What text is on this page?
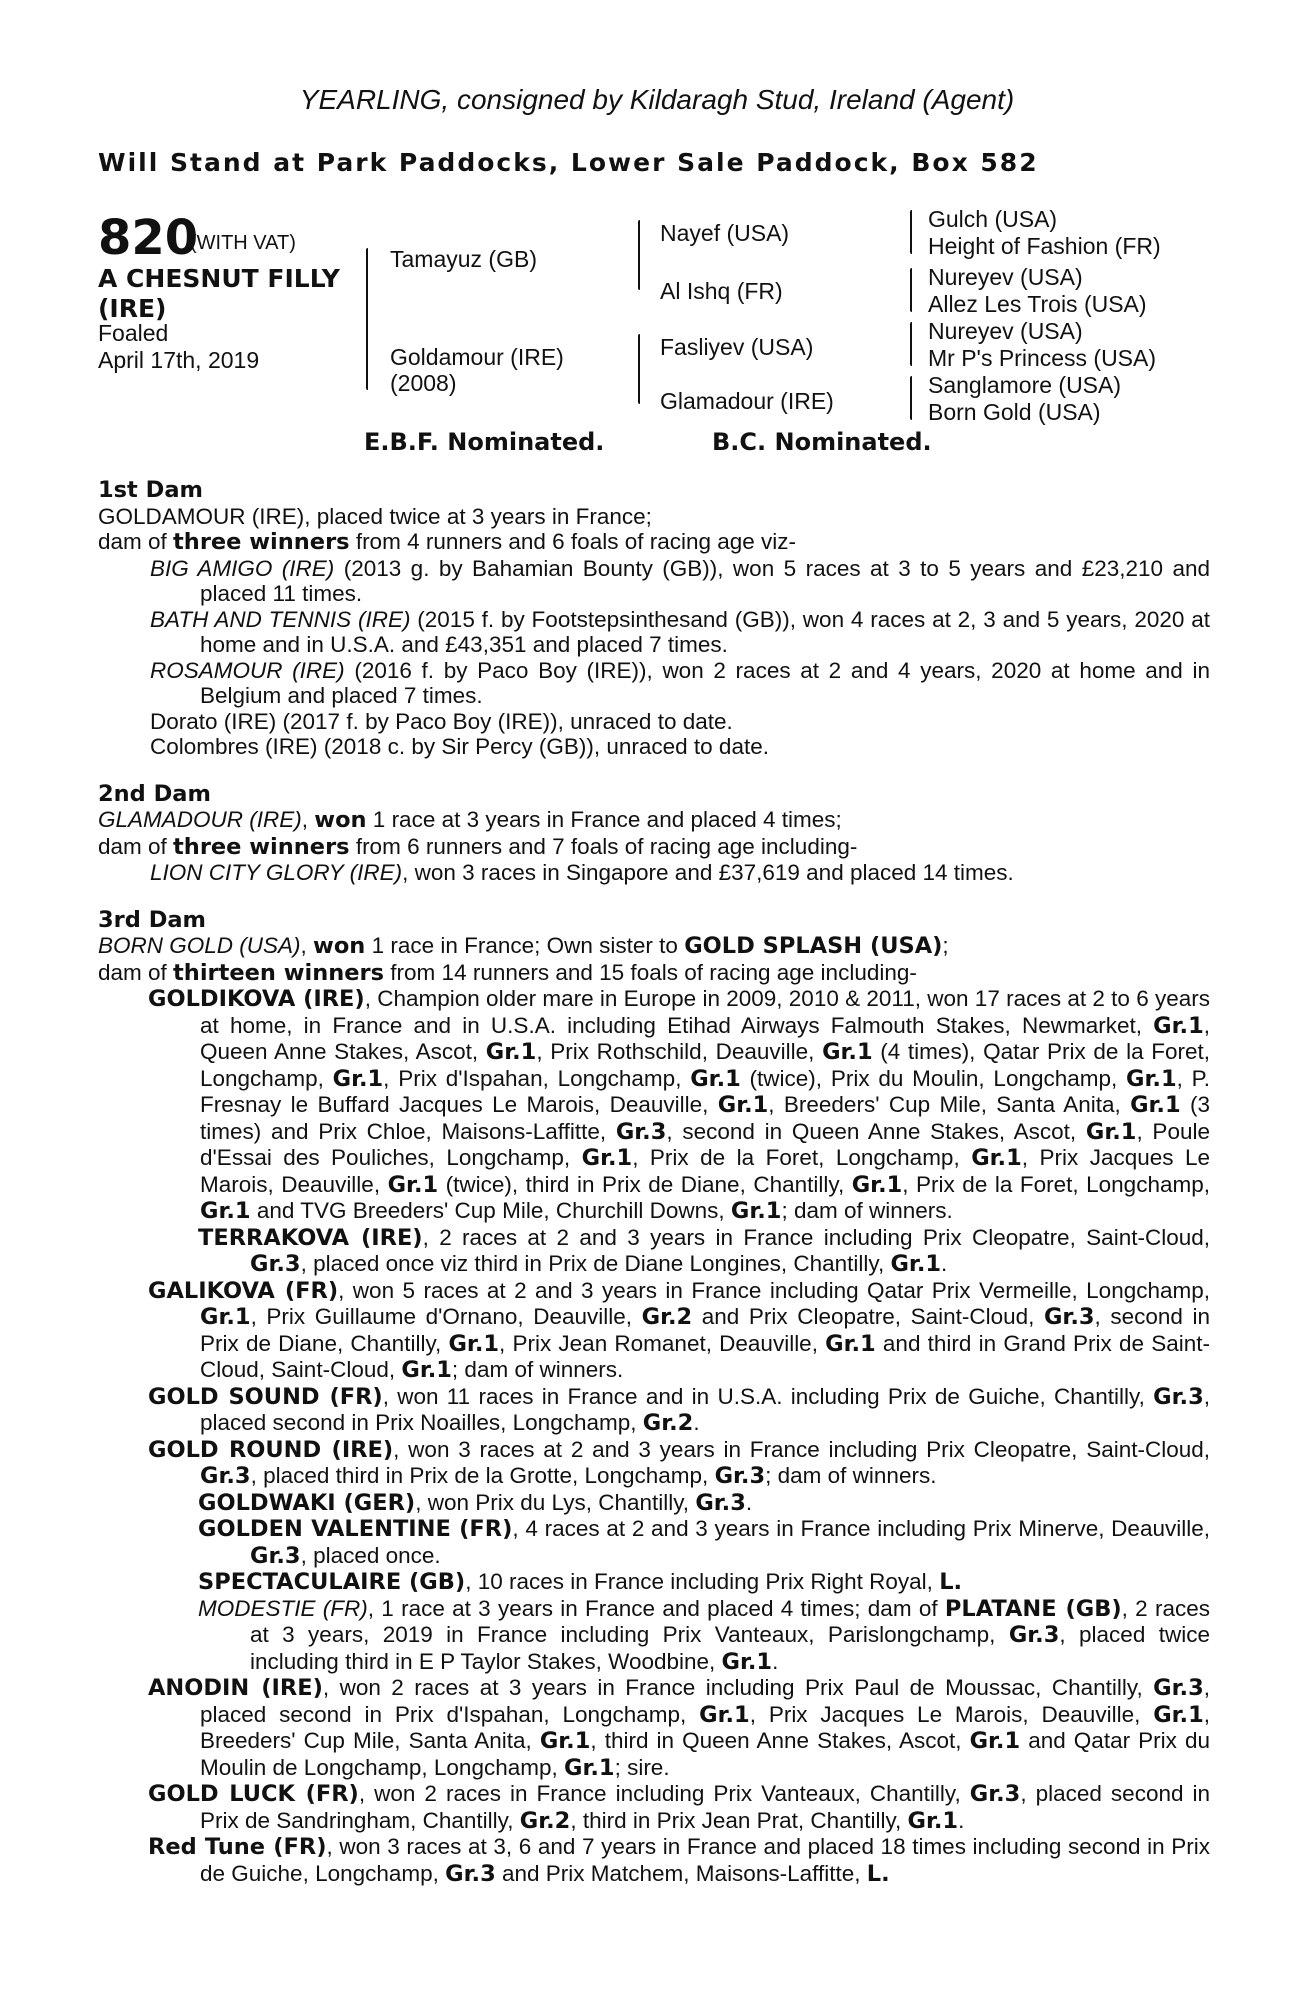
YEARLING, consigned by Kildaragh Stud, Ireland (Agent)
Will Stand at Park Paddocks, Lower Sale Paddock, Box 582
820
(WITH VAT)
A CHESNUT FILLY
(IRE)
Foaled
April 17th, 2019
Tamayuz (GB)
Goldamour (IRE)
(2008)
Nayef (USA)
Al Ishq (FR)
Fasliyev (USA)
Glamadour (IRE)
Gulch (USA)
Height of Fashion (FR)
Nureyev (USA)
Allez Les Trois (USA)
Nureyev (USA)
Mr P's Princess (USA)
Sanglamore (USA)
Born Gold (USA)
E.B.F. Nominated.	B.C. Nominated.

1st Dam

GOLDAMOUR (IRE), placed twice at 3 years in France;

dam of three winners from 4 runners and 6 foals of racing age viz-

BIG AMIGO (IRE) (2013 g. by Bahamian Bounty (GB)), won 5 races at 3 to 5 years and £23,210 and placed 11 times.

BATH AND TENNIS (IRE) (2015 f. by Footstepsinthesand (GB)), won 4 races at 2, 3 and 5 years, 2020 at home and in U.S.A. and £43,351 and placed 7 times.

ROSAMOUR (IRE) (2016 f. by Paco Boy (IRE)), won 2 races at 2 and 4 years, 2020 at home and in Belgium and placed 7 times.

Dorato (IRE) (2017 f. by Paco Boy (IRE)), unraced to date.

Colombres (IRE) (2018 c. by Sir Percy (GB)), unraced to date.

2nd Dam

GLAMADOUR (IRE), won 1 race at 3 years in France and placed 4 times;

dam of three winners from 6 runners and 7 foals of racing age including-

LION CITY GLORY (IRE), won 3 races in Singapore and £37,619 and placed 14 times.

3rd Dam

BORN GOLD (USA), won 1 race in France; Own sister to GOLD SPLASH (USA);

dam of thirteen winners from 14 runners and 15 foals of racing age including-

GOLDIKOVA (IRE), Champion older mare in Europe in 2009, 2010 & 2011, won 17 races at 2 to 6 years at home, in France and in U.S.A. including Etihad Airways Falmouth Stakes, Newmarket, Gr.1, Queen Anne Stakes, Ascot, Gr.1, Prix Rothschild, Deauville, Gr.1 (4 times), Qatar Prix de la Foret, Longchamp, Gr.1, Prix d'Ispahan, Longchamp, Gr.1 (twice), Prix du Moulin, Longchamp, Gr.1, P. Fresnay le Buffard Jacques Le Marois, Deauville, Gr.1, Breeders' Cup Mile, Santa Anita, Gr.1 (3 times) and Prix Chloe, Maisons-Laffitte, Gr.3, second in Queen Anne Stakes, Ascot, Gr.1, Poule d'Essai des Pouliches, Longchamp, Gr.1, Prix de la Foret, Longchamp, Gr.1, Prix Jacques Le Marois, Deauville, Gr.1 (twice), third in Prix de Diane, Chantilly, Gr.1, Prix de la Foret, Longchamp, Gr.1 and TVG Breeders' Cup Mile, Churchill Downs, Gr.1; dam of winners.

TERRAKOVA (IRE), 2 races at 2 and 3 years in France including Prix Cleopatre, Saint-Cloud, Gr.3, placed once viz third in Prix de Diane Longines, Chantilly, Gr.1.

GALIKOVA (FR), won 5 races at 2 and 3 years in France including Qatar Prix Vermeille, Longchamp, Gr.1, Prix Guillaume d'Ornano, Deauville, Gr.2 and Prix Cleopatre, Saint-Cloud, Gr.3, second in Prix de Diane, Chantilly, Gr.1, Prix Jean Romanet, Deauville, Gr.1 and third in Grand Prix de Saint-Cloud, Saint-Cloud, Gr.1; dam of winners.

GOLD SOUND (FR), won 11 races in France and in U.S.A. including Prix de Guiche, Chantilly, Gr.3, placed second in Prix Noailles, Longchamp, Gr.2.

GOLD ROUND (IRE), won 3 races at 2 and 3 years in France including Prix Cleopatre, Saint-Cloud, Gr.3, placed third in Prix de la Grotte, Longchamp, Gr.3; dam of winners.

GOLDWAKI (GER), won Prix du Lys, Chantilly, Gr.3.

GOLDEN VALENTINE (FR), 4 races at 2 and 3 years in France including Prix Minerve, Deauville, Gr.3, placed once.

SPECTACULAIRE (GB), 10 races in France including Prix Right Royal, L.

MODESTIE (FR), 1 race at 3 years in France and placed 4 times; dam of PLATANE (GB), 2 races at 3 years, 2019 in France including Prix Vanteaux, Parislongchamp, Gr.3, placed twice including third in E P Taylor Stakes, Woodbine, Gr.1.

ANODIN (IRE), won 2 races at 3 years in France including Prix Paul de Moussac, Chantilly, Gr.3, placed second in Prix d'Ispahan, Longchamp, Gr.1, Prix Jacques Le Marois, Deauville, Gr.1, Breeders' Cup Mile, Santa Anita, Gr.1, third in Queen Anne Stakes, Ascot, Gr.1 and Qatar Prix du Moulin de Longchamp, Longchamp, Gr.1; sire.

GOLD LUCK (FR), won 2 races in France including Prix Vanteaux, Chantilly, Gr.3, placed second in Prix de Sandringham, Chantilly, Gr.2, third in Prix Jean Prat, Chantilly, Gr.1.

Red Tune (FR), won 3 races at 3, 6 and 7 years in France and placed 18 times including second in Prix de Guiche, Longchamp, Gr.3 and Prix Matchem, Maisons-Laffitte, L.
